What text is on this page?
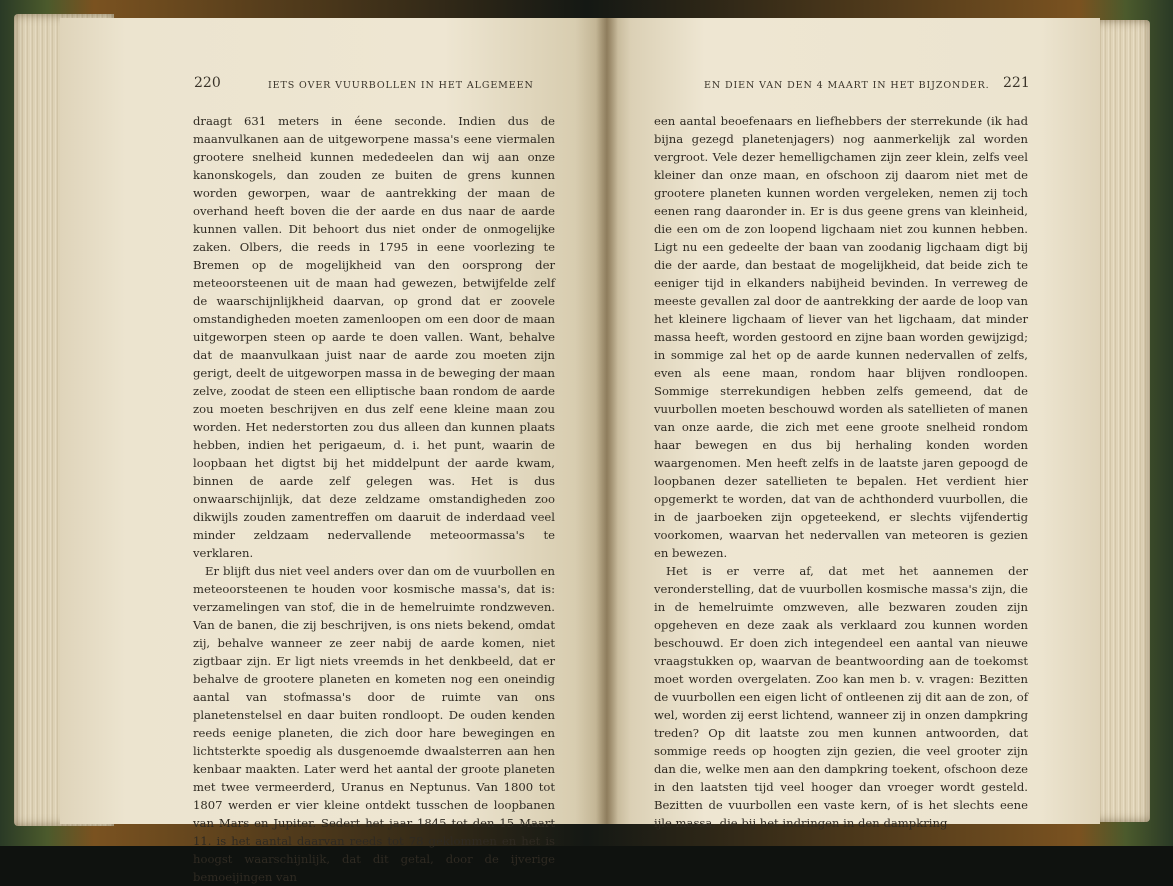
220	IETS OVER VUURBOLLEN IN HET ALGEMEEN

draagt 631 meters in éene seconde. Indien dus de maanvulkanen aan de uitgeworpene massa's eene viermalen grootere snelheid kunnen mededeelen dan wij aan onze kanonskogels, dan zouden ze buiten de grens kunnen worden geworpen, waar de aantrekking der maan de overhand heeft boven die der aarde en dus naar de aarde kunnen vallen. Dit behoort dus niet onder de onmogelijke zaken. Olbers, die reeds in 1795 in eene voorlezing te Bremen op de mogelijkheid van den oorsprong der meteoorsteenen uit de maan had gewezen, betwijfelde zelf de waarschijnlijkheid daarvan, op grond dat er zoovele omstandigheden moeten zamenloopen om een door de maan uitgeworpen steen op aarde te doen vallen. Want, behalve dat de maanvulkaan juist naar de aarde zou moeten zijn gerigt, deelt de uitgeworpen massa in de beweging der maan zelve, zoodat de steen een elliptische baan rondom de aarde zou moeten beschrijven en dus zelf eene kleine maan zou worden. Het nederstorten zou dus alleen dan kunnen plaats hebben, indien het perigaeum, d. i. het punt, waarin de loopbaan het digtst bij het middelpunt der aarde kwam, binnen de aarde zelf gelegen was. Het is dus onwaarschijnlijk, dat deze zeldzame omstandigheden zoo dikwijls zouden zamentreffen om daaruit de inderdaad veel minder zeldzaam nedervallende meteoormassa's te verklaren.

Er blijft dus niet veel anders over dan om de vuurbollen en meteoorsteenen te houden voor kosmische massa's, dat is: verzamelingen van stof, die in de hemelruimte rondzweven. Van de banen, die zij beschrijven, is ons niets bekend, omdat zij, behalve wanneer ze zeer nabij de aarde komen, niet zigtbaar zijn. Er ligt niets vreemds in het denkbeeld, dat er behalve de grootere planeten en kometen nog een oneindig aantal van stofmassa's door de ruimte van ons planetenstelsel en daar buiten rondloopt. De ouden kenden reeds eenige planeten, die zich door hare bewegingen en lichtsterkte spoedig als dusgenoemde dwaalsterren aan hen kenbaar maakten. Later werd het aantal der groote planeten met twee vermeerderd, Uranus en Neptunus. Van 1800 tot 1807 werden er vier kleine ontdekt tusschen de loopbanen van Mars en Jupiter. Sedert het jaar 1845 tot den 15 Maart 11. is het aantal daarvan reeds tot 78 geklommen en het is hoogst waarschijnlijk, dat dit getal, door de ijverige bemoeijingen van

EN DIEN VAN DEN 4 MAART IN HET BIJZONDER. 221

een aantal beoefenaars en liefhebbers der sterrekunde (ik had bijna gezegd planetenjagers) nog aanmerkelijk zal worden vergroot. Vele dezer hemelligchamen zijn zeer klein, zelfs veel kleiner dan onze maan, en ofschoon zij daarom niet met de grootere planeten kunnen worden vergeleken, nemen zij toch eenen rang daaronder in. Er is dus geene grens van kleinheid, die een om de zon loopend ligchaam niet zou kunnen hebben. Ligt nu een gedeelte der baan van zoodanig ligchaam digt bij die der aarde, dan bestaat de mogelijkheid, dat beide zich te eeniger tijd in elkanders nabijheid bevinden. In verreweg de meeste gevallen zal door de aantrekking der aarde de loop van het kleinere ligchaam of liever van het ligchaam, dat minder massa heeft, worden gestoord en zijne baan worden gewijzigd; in sommige zal het op de aarde kunnen nedervallen of zelfs, even als eene maan, rondom haar blijven rondloopen. Sommige sterrekundigen hebben zelfs gemeend, dat de vuurbollen moeten beschouwd worden als satellieten of manen van onze aarde, die zich met eene groote snelheid rondom haar bewegen en dus bij herhaling konden worden waargenomen. Men heeft zelfs in de laatste jaren gepoogd de loopbanen dezer satellieten te bepalen. Het verdient hier opgemerkt te worden, dat van de achthonderd vuurbollen, die in de jaarboeken zijn opgeteekend, er slechts vijfendertig voorkomen, waarvan het nedervallen van meteoren is gezien en bewezen.

Het is er verre af, dat met het aannemen der veronderstelling, dat de vuurbollen kosmische massa's zijn, die in de hemelruimte omzweven, alle bezwaren zouden zijn opgeheven en deze zaak als verklaard zou kunnen worden beschouwd. Er doen zich integendeel een aantal van nieuwe vraagstukken op, waarvan de beantwoording aan de toekomst moet worden overgelaten. Zoo kan men b. v. vragen: Bezitten de vuurbollen een eigen licht of ontleenen zij dit aan de zon, of wel, worden zij eerst lichtend, wanneer zij in onzen dampkring treden? Op dit laatste zou men kunnen antwoorden, dat sommige reeds op hoogten zijn gezien, die veel grooter zijn dan die, welke men aan den dampkring toekent, ofschoon deze in den laatsten tijd veel hooger dan vroeger wordt gesteld. Bezitten de vuurbollen een vaste kern, of is het slechts eene ijle massa, die bij het indringen in den dampkring
